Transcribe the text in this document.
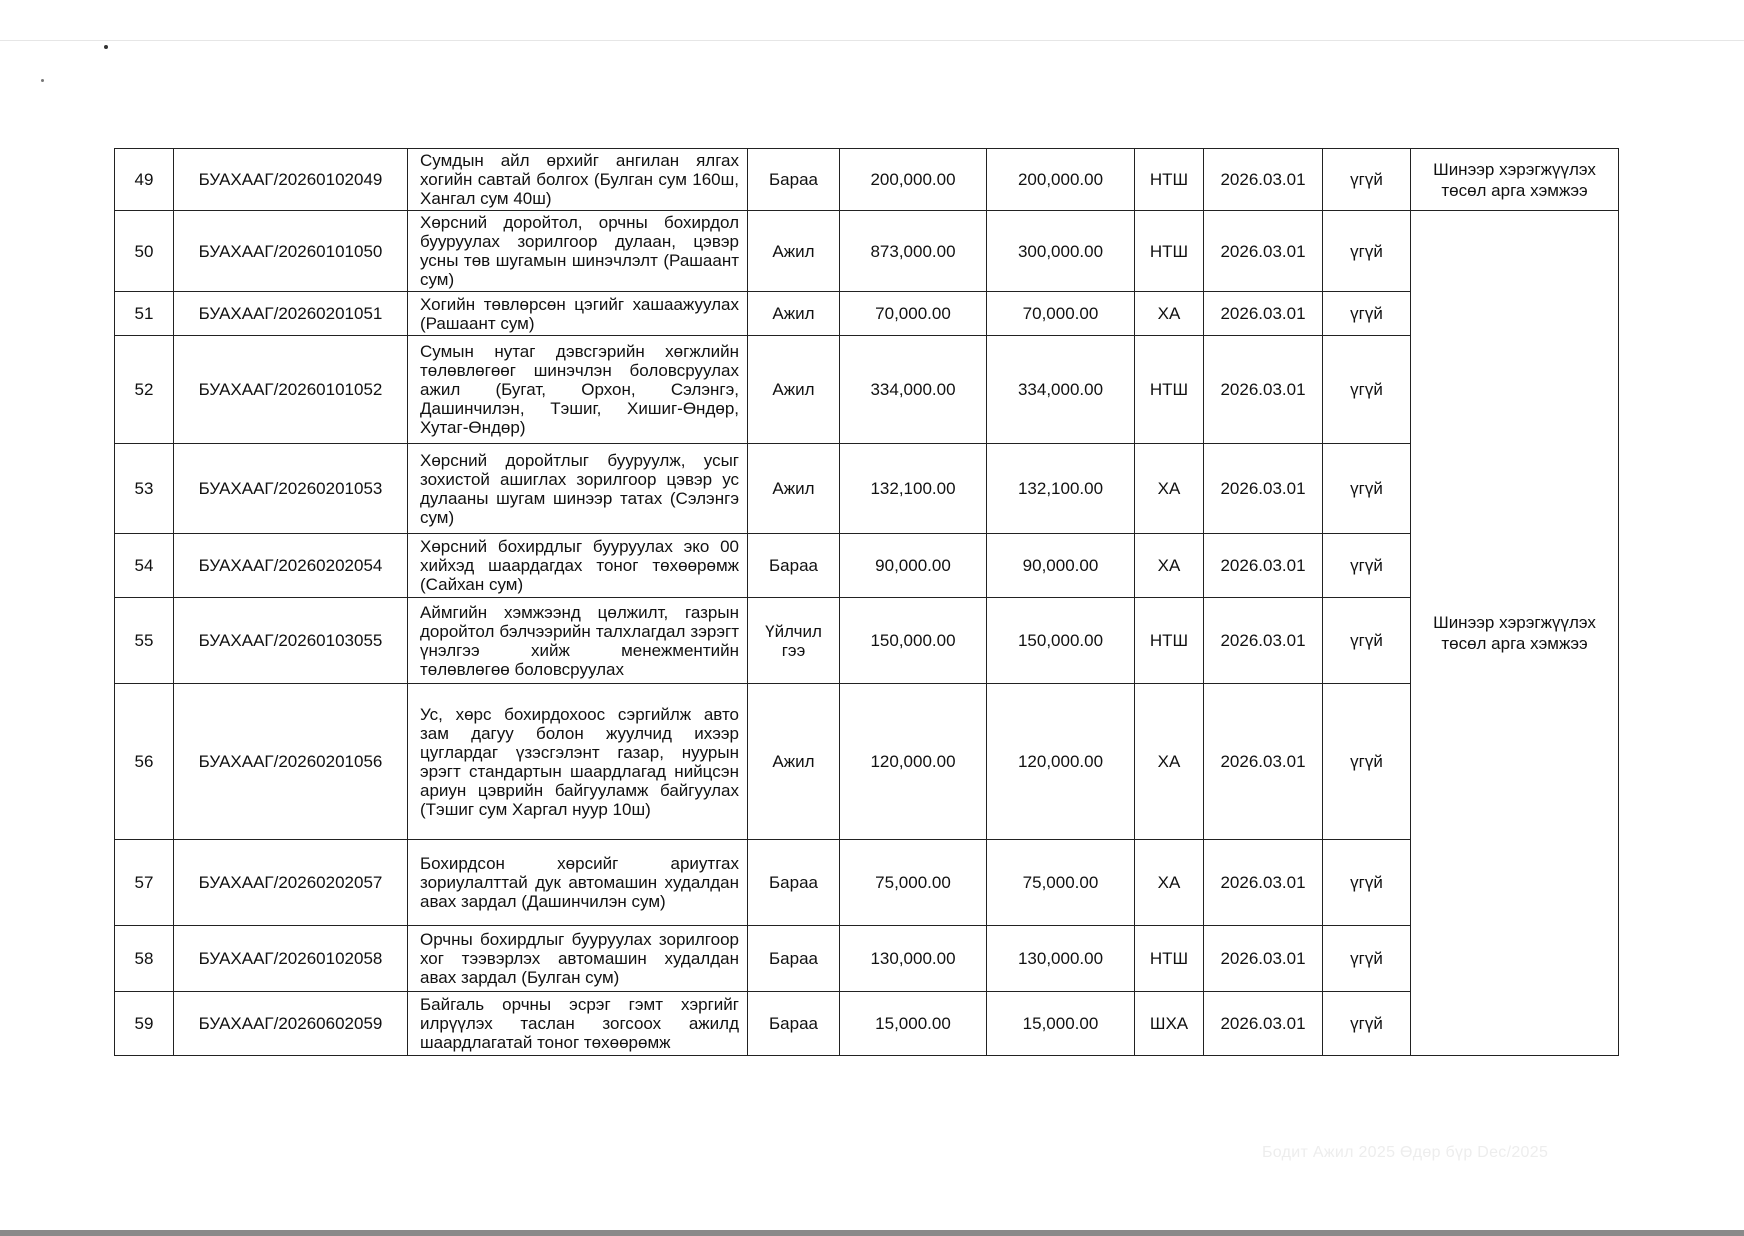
49	БУАХААГ/20260102049	Сумдын айл өрхийг ангилан ялгах хогийн савтай болгох (Булган сум 160ш, Хангал сум 40ш)	Бараа	200,000.00	200,000.00	НТШ	2026.03.01	үгүй	Шинээр хэрэгжүүлэх төсөл арга хэмжээ
50	БУАХААГ/20260101050	Хөрсний доройтол, орчны бохирдол бууруулах зорилгоор дулаан, цэвэр усны төв шугамын шинэчлэлт (Рашаант сум)	Ажил	873,000.00	300,000.00	НТШ	2026.03.01	үгүй	Шинээр хэрэгжүүлэх төсөл арга хэмжээ
51	БУАХААГ/20260201051	Хогийн төвлөрсөн цэгийг хашаажуулах (Рашаант сум)	Ажил	70,000.00	70,000.00	ХА	2026.03.01	үгүй	
52	БУАХААГ/20260101052	Сумын нутаг дэвсгэрийн хөгжлийн төлөвлөгөөг шинэчлэн боловсруулах ажил (Бугат, Орхон, Сэлэнгэ, Дашинчилэн, Тэшиг, Хишиг-Өндөр, Хутаг-Өндөр)	Ажил	334,000.00	334,000.00	НТШ	2026.03.01	үгүй	
53	БУАХААГ/20260201053	Хөрсний доройтлыг бууруулж, усыг зохистой ашиглах зорилгоор цэвэр ус дулааны шугам шинээр татах (Сэлэнгэ сум)	Ажил	132,100.00	132,100.00	ХА	2026.03.01	үгүй	
54	БУАХААГ/20260202054	Хөрсний бохирдлыг бууруулах эко 00 хийхэд шаардагдах тоног төхөөрөмж (Сайхан сум)	Бараа	90,000.00	90,000.00	ХА	2026.03.01	үгүй	
55	БУАХААГ/20260103055	Аймгийн хэмжээнд цөлжилт, газрын доройтол бэлчээрийн талхлагдал зэрэгт үнэлгээ хийж менежментийн төлөвлөгөө боловсруулах	Үйлчил гээ	150,000.00	150,000.00	НТШ	2026.03.01	үгүй	
56	БУАХААГ/20260201056	Ус, хөрс бохирдохоос сэргийлж авто зам дагуу болон жуулчид ихээр цуглардаг үзэсгэлэнт газар, нуурын эрэгт стандартын шаардлагад нийцсэн ариун цэврийн байгууламж байгуулах (Тэшиг сум Харгал нуур 10ш)	Ажил	120,000.00	120,000.00	ХА	2026.03.01	үгүй	
57	БУАХААГ/20260202057	Бохирдсон хөрсийг ариутгах зориулалттай дук автомашин худалдан авах зардал (Дашинчилэн сум)	Бараа	75,000.00	75,000.00	ХА	2026.03.01	үгүй	
58	БУАХААГ/20260102058	Орчны бохирдлыг бууруулах зорилгоор хог тээвэрлэх автомашин худалдан авах зардал (Булган сум)	Бараа	130,000.00	130,000.00	НТШ	2026.03.01	үгүй	
59	БУАХААГ/20260602059	Байгаль орчны эсрэг гэмт хэргийг илрүүлэх таслан зогсоох ажилд шаардлагатай тоног төхөөрөмж	Бараа	15,000.00	15,000.00	ШХА	2026.03.01	үгүй	
Бодит Ажил 2025 Өдөр бүр Dec/2025
